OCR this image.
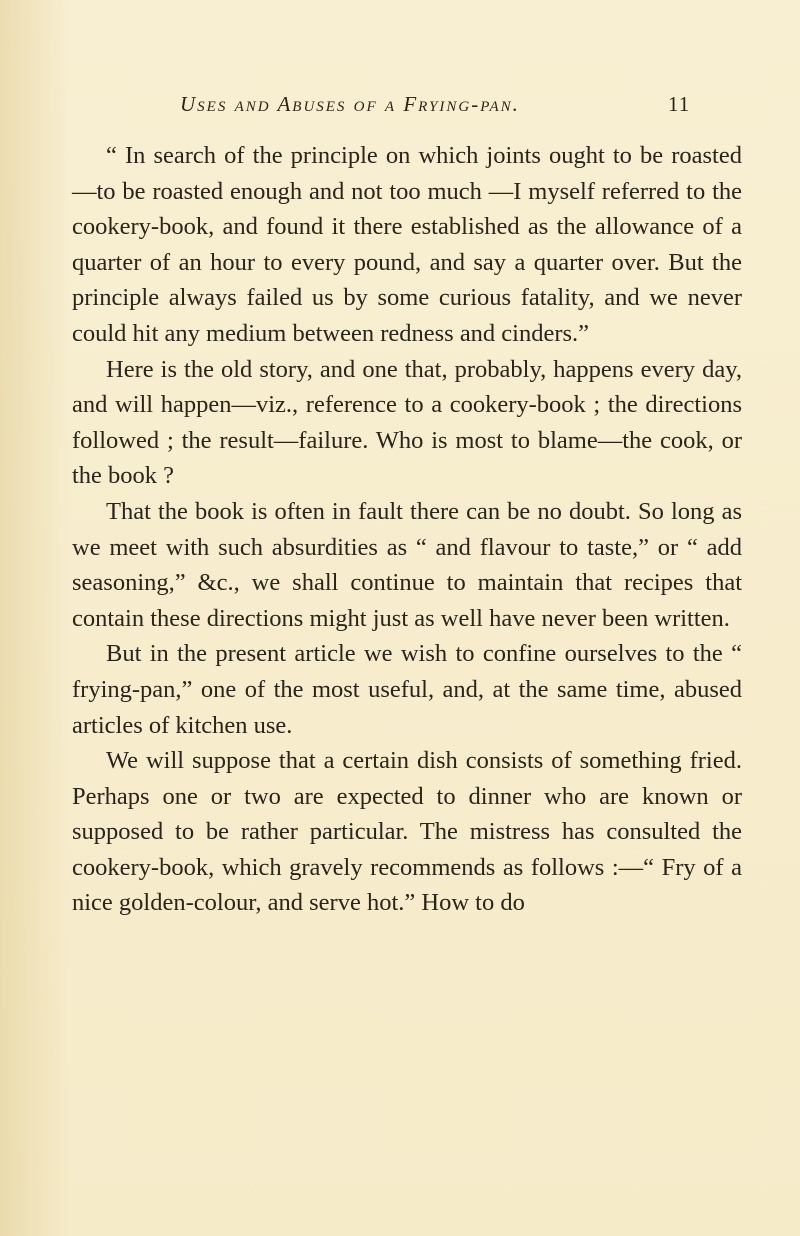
Uses and Abuses of a Frying-pan.	11

“ In search of the principle on which joints ought to be roasted—to be roasted enough and not too much —I myself referred to the cookery-book, and found it there established as the allowance of a quarter of an hour to every pound, and say a quarter over. But the principle always failed us by some curious fatality, and we never could hit any medium between redness and cinders.”

Here is the old story, and one that, probably, happens every day, and will happen—viz., reference to a cookery-book ; the directions followed ; the result—failure. Who is most to blame—the cook, or the book ?

That the book is often in fault there can be no doubt. So long as we meet with such absurdities as “ and flavour to taste,” or “ add seasoning,” &c., we shall continue to maintain that recipes that contain these directions might just as well have never been written.

But in the present article we wish to confine ourselves to the “ frying-pan,” one of the most useful, and, at the same time, abused articles of kitchen use.

We will suppose that a certain dish consists of something fried. Perhaps one or two are expected to dinner who are known or supposed to be rather particular. The mistress has consulted the cookery-book, which gravely recommends as follows :—“ Fry of a nice golden-colour, and serve hot.” How to do
